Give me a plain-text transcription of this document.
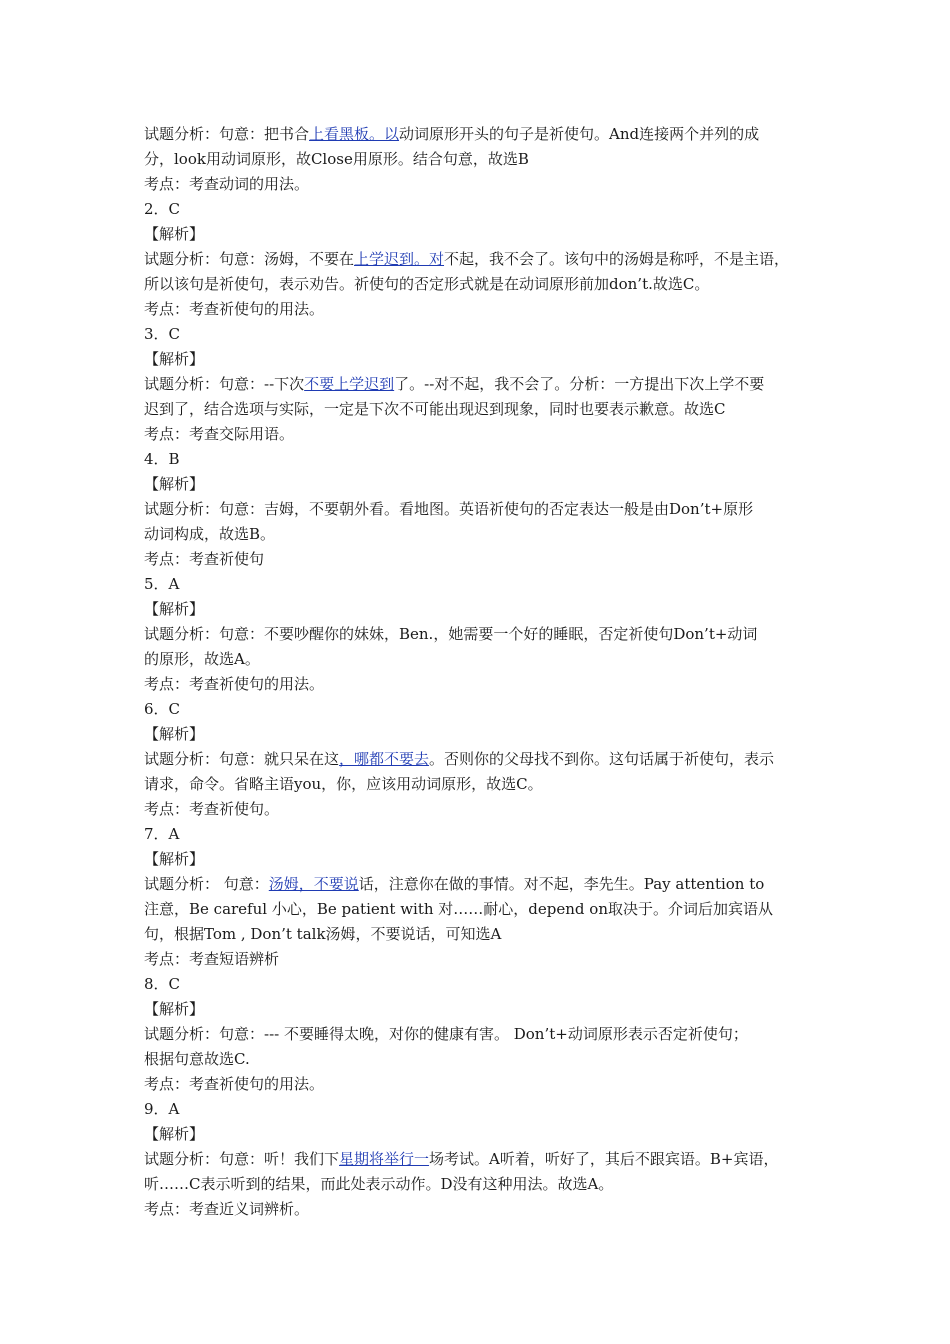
试题分析：句意：把书合上看黑板。以动词原形开头的句子是祈使句。And连接两个并列的成
分，look用动词原形，故Close用原形。结合句意，故选B
考点：考查动词的用法。
2．C
【解析】
试题分析：句意：汤姆，不要在上学迟到。对不起，我不会了。该句中的汤姆是称呼，不是主语，
所以该句是祈使句，表示劝告。祈使句的否定形式就是在动词原形前加don’t.故选C。
考点：考查祈使句的用法。
3．C
【解析】
试题分析：句意：--下次不要上学迟到了。--对不起，我不会了。分析：一方提出下次上学不要
迟到了，结合选项与实际，一定是下次不可能出现迟到现象，同时也要表示歉意。故选C
考点：考查交际用语。
4．B
【解析】
试题分析：句意：吉姆，不要朝外看。看地图。英语祈使句的否定表达一般是由Don’t+原形
动词构成，故选B。
考点：考查祈使句
5．A
【解析】
试题分析：句意：不要吵醒你的妹妹，Ben.，她需要一个好的睡眠，否定祈使句Don’t+动词
的原形，故选A。
考点：考查祈使句的用法。
6．C
【解析】
试题分析：句意：就只呆在这，哪都不要去。否则你的父母找不到你。这句话属于祈使句，表示
请求，命令。省略主语you，你，应该用动词原形，故选C。
考点：考查祈使句。
7．A
【解析】
试题分析： 句意：汤姆，不要说话，注意你在做的事情。对不起，李先生。Pay attention to
注意，Be careful 小心，Be patient with 对……耐心，depend on取决于。介词后加宾语从
句，根据Tom , Don’t talk汤姆，不要说话，可知选A
考点：考查短语辨析
8．C
【解析】
试题分析：句意：--- 不要睡得太晚，对你的健康有害。 Don’t+动词原形表示否定祈使句；
根据句意故选C.
考点：考查祈使句的用法。
9．A
【解析】
试题分析：句意：听！我们下星期将举行一场考试。A听着，听好了，其后不跟宾语。B+宾语，
听……C表示听到的结果，而此处表示动作。D没有这种用法。故选A。
考点：考查近义词辨析。
